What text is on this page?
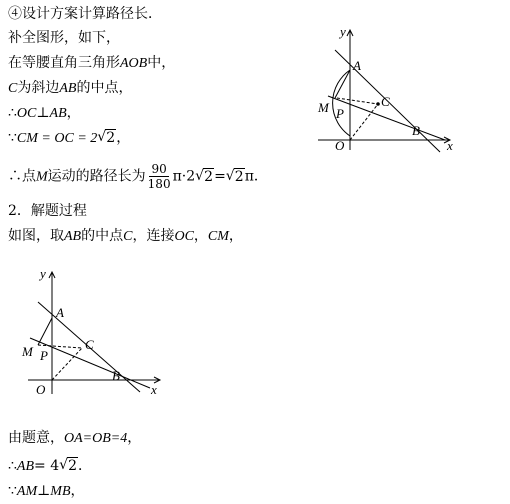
④设计方案计算路径长．
补全图形，如下，
在等腰直角三角形AOB中，
C为斜边AB的中点，
∴OC⊥AB，
∵CM = OC = 2√ 2，
∴点M运动的路径长为 $\frac{90}{180} \pi\cdot 2√$ 2=√ 2π．
2．解题过程
如图，取AB的中点C，连接OC，CM，
由题意，OA=OB=4，
∴AB= 4√ 2．
∵AM⊥MB，
y
x
A
C
M P
O
B
y
x
A
C
M P
O
B
